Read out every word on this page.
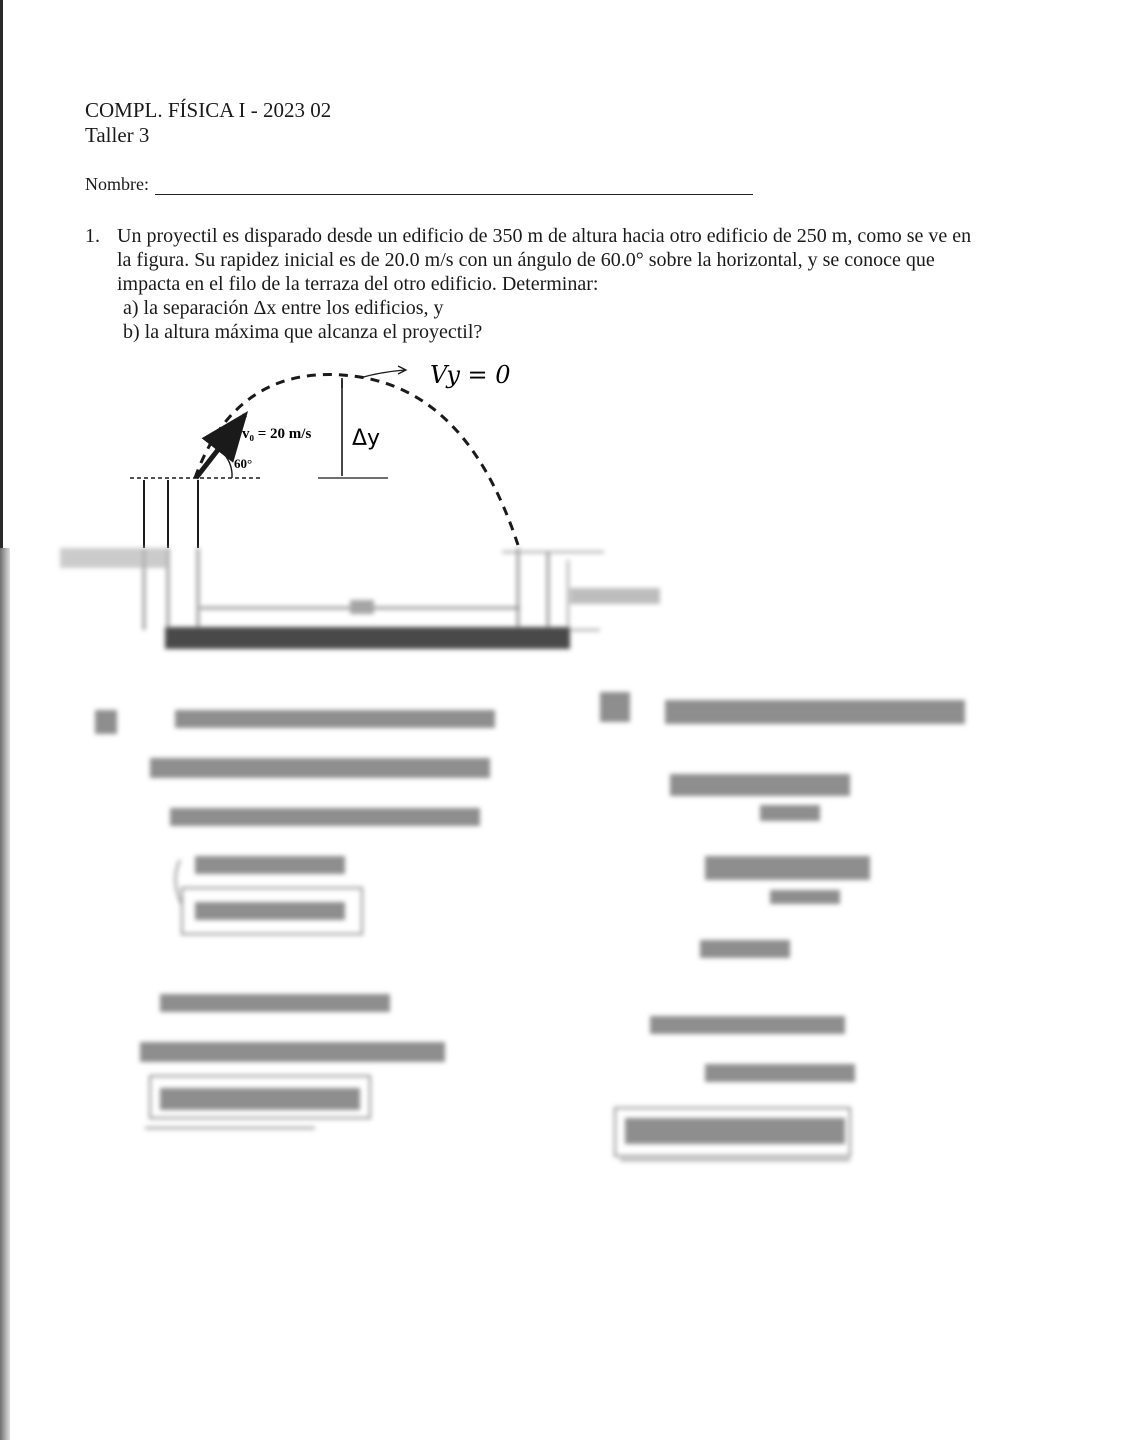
COMPL. FÍSICA I - 2023 02
Taller 3
Nombre:
1. Un proyectil es disparado desde un edificio de 350 m de altura hacia otro edificio de 250 m, como se ve en
la figura. Su rapidez inicial es de 20.0 m/s con un ángulo de 60.0° sobre la horizontal, y se conoce que
impacta en el filo de la terraza del otro edificio. Determinar:
a) la separación Δx entre los edificios, y
b) la altura máxima que alcanza el proyectil?
v₀ = 20 m/s
60°
Δy
Vy = 0
